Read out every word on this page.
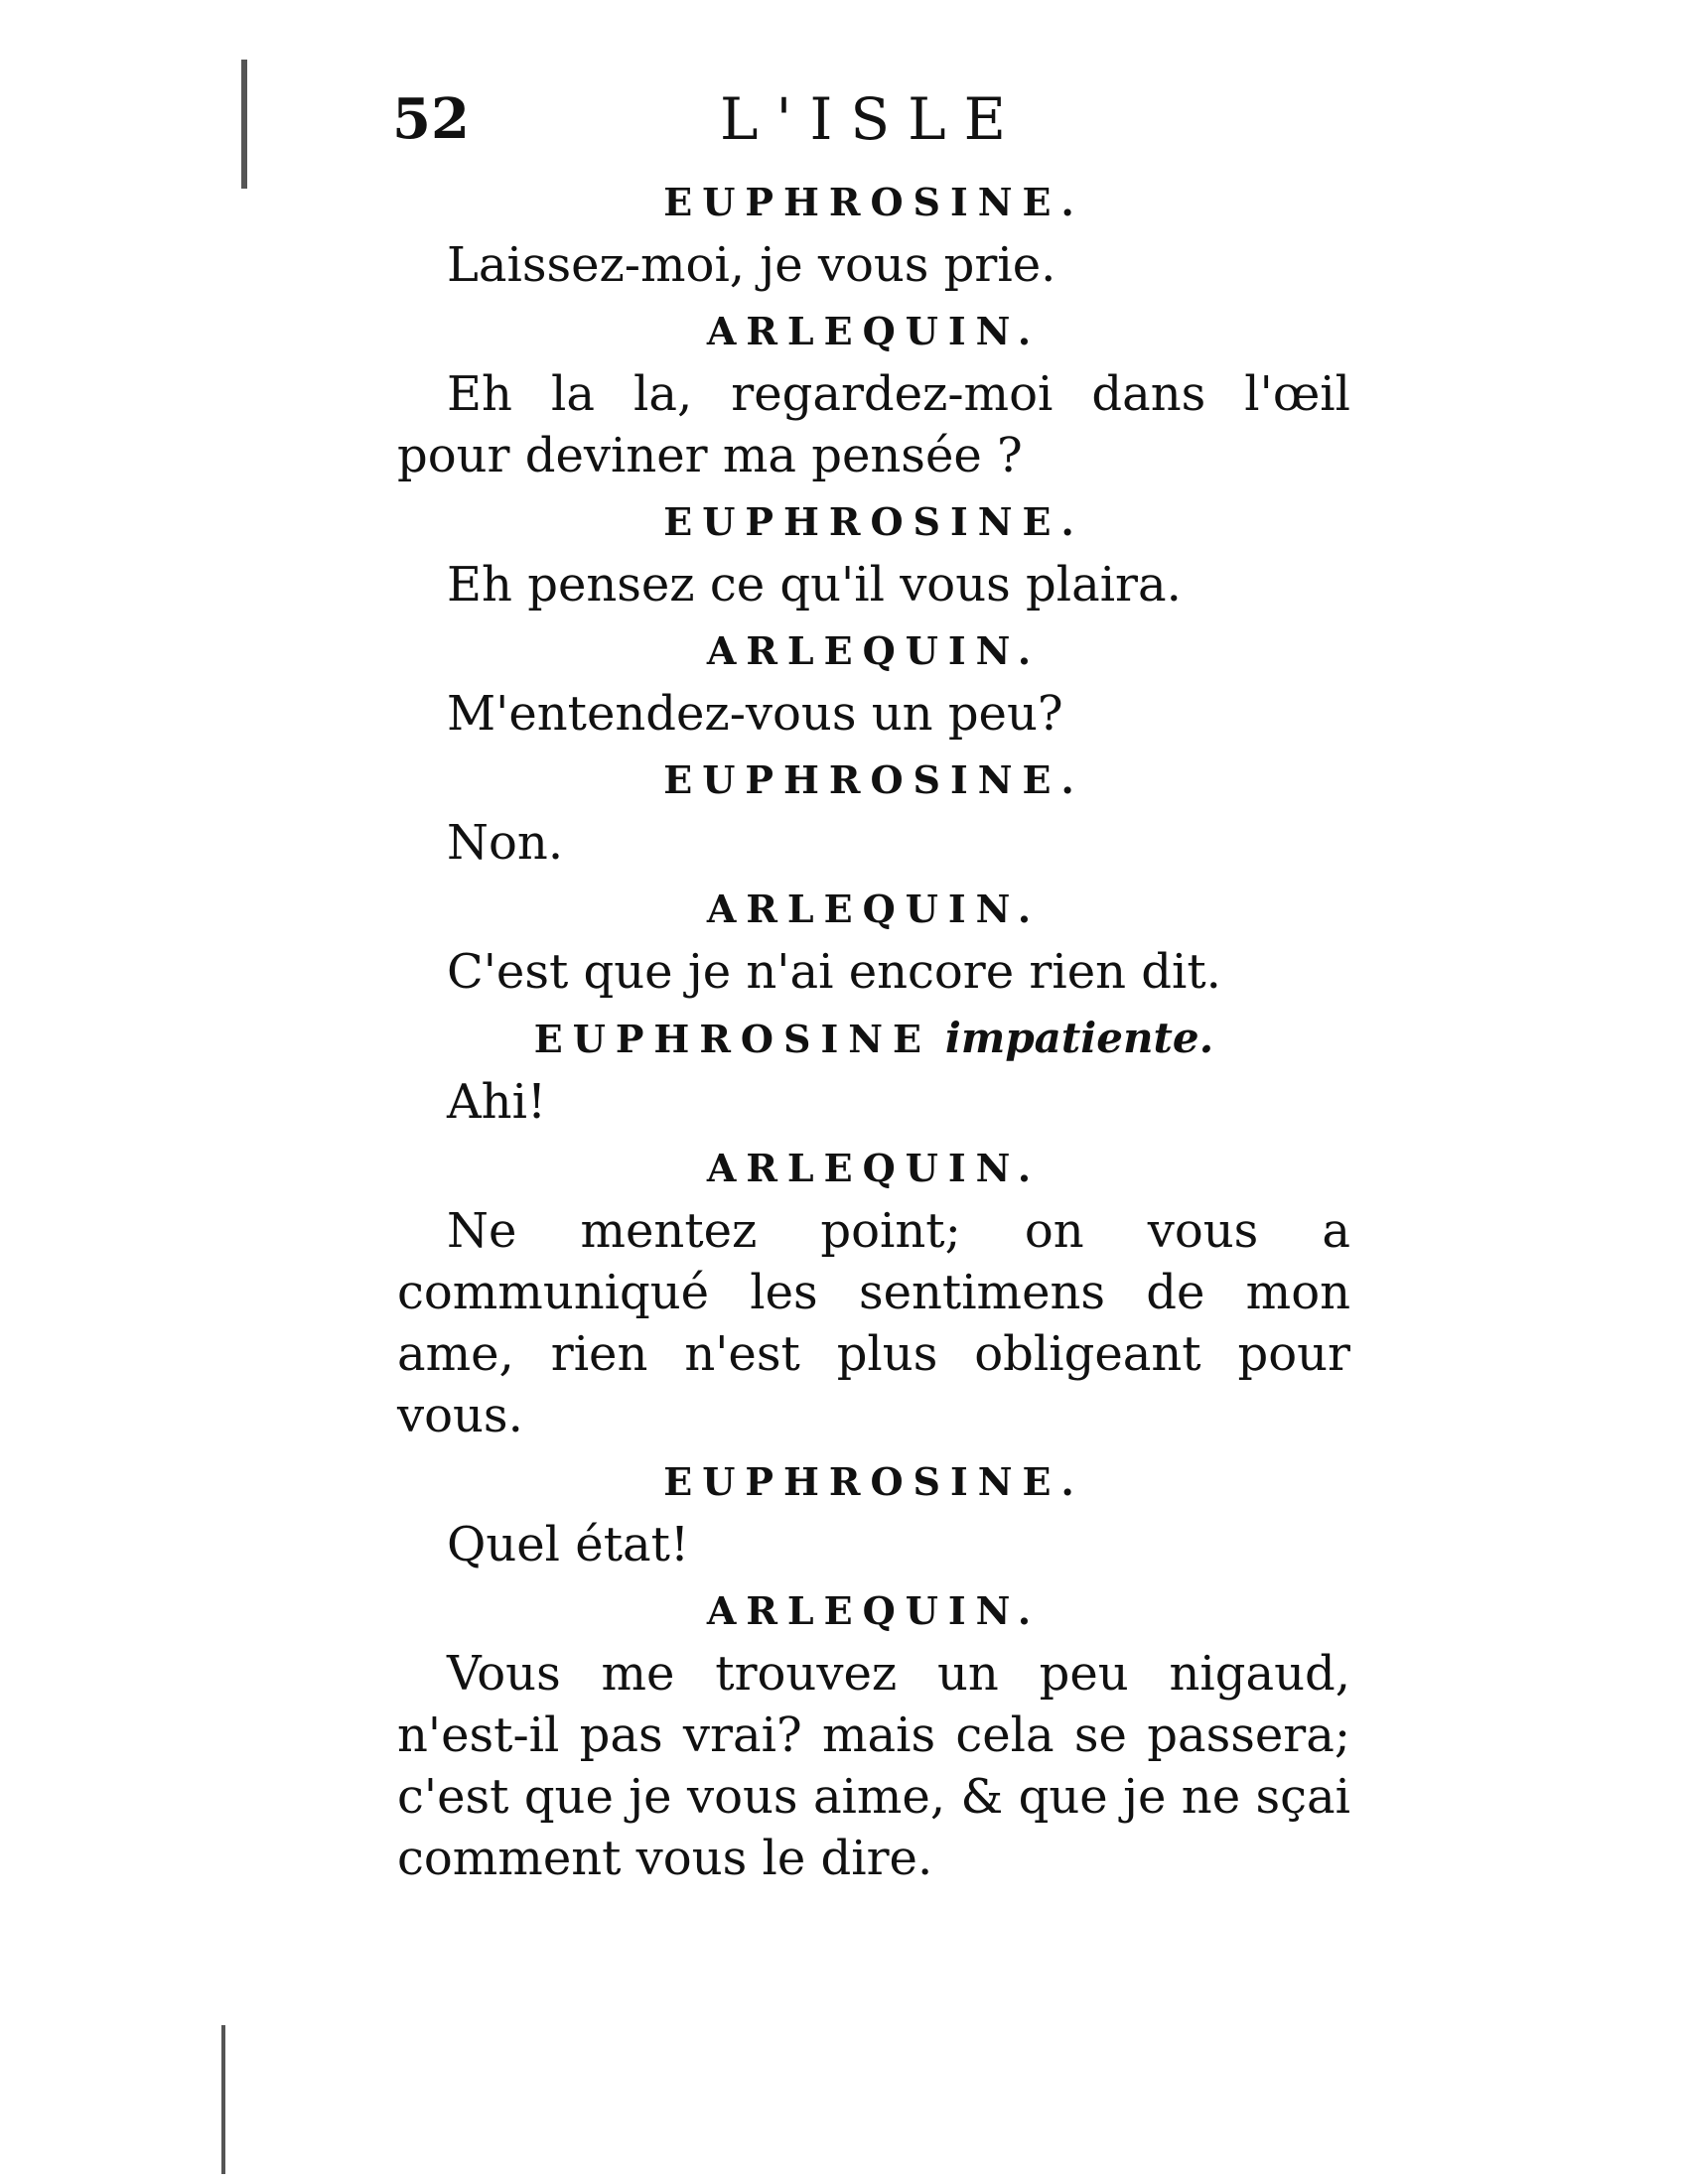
52	L'ISLE
EUPHROSINE.

Laissez-moi, je vous prie.

ARLEQUIN.

Eh la la, regardez-moi dans l'œil pour deviner ma pensée ?

EUPHROSINE.

Eh pensez ce qu'il vous plaira.

ARLEQUIN.

M'entendez-vous un peu?

EUPHROSINE.

Non.

ARLEQUIN.

C'est que je n'ai encore rien dit.

EUPHROSINE impatiente.

Ahi!

ARLEQUIN.

Ne mentez point; on vous a communiqué les sentimens de mon ame, rien n'est plus obligeant pour vous.

EUPHROSINE.

Quel état!

ARLEQUIN.

Vous me trouvez un peu nigaud, n'est-il pas vrai? mais cela se passera; c'est que je vous aime, & que je ne sçai comment vous le dire.
